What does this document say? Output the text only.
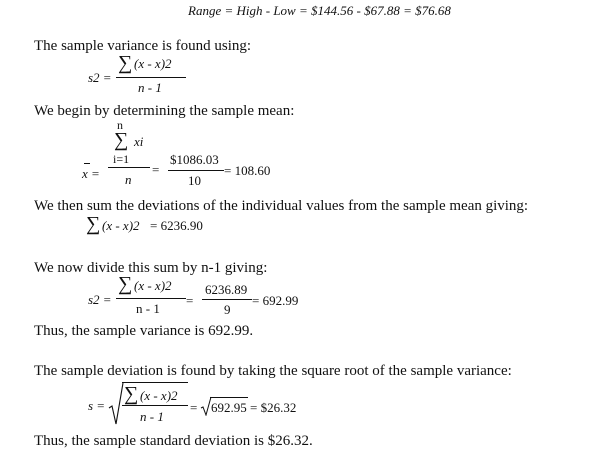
Range = High - Low = $144.56 - $67.88 = $76.68
The sample variance is found using:
s2 =
∑ (x - x)2
n - 1
We begin by determining the sample mean:
n
∑ xi
i=1
x = n
=
$1086.03
10
= 108.60
We then sum the deviations of the individual values from the sample mean giving:
∑ (x - x)2 = 6236.90
We now divide this sum by n-1 giving:
s2 =
∑ (x - x)2
n - 1
=
6236.89
9
= 692.99
Thus, the sample variance is 692.99.
The sample deviation is found by taking the square root of the sample variance:
s =
∑ (x - x)2
n - 1
= 692.95 = $26.32
Thus, the sample standard deviation is $26.32.
